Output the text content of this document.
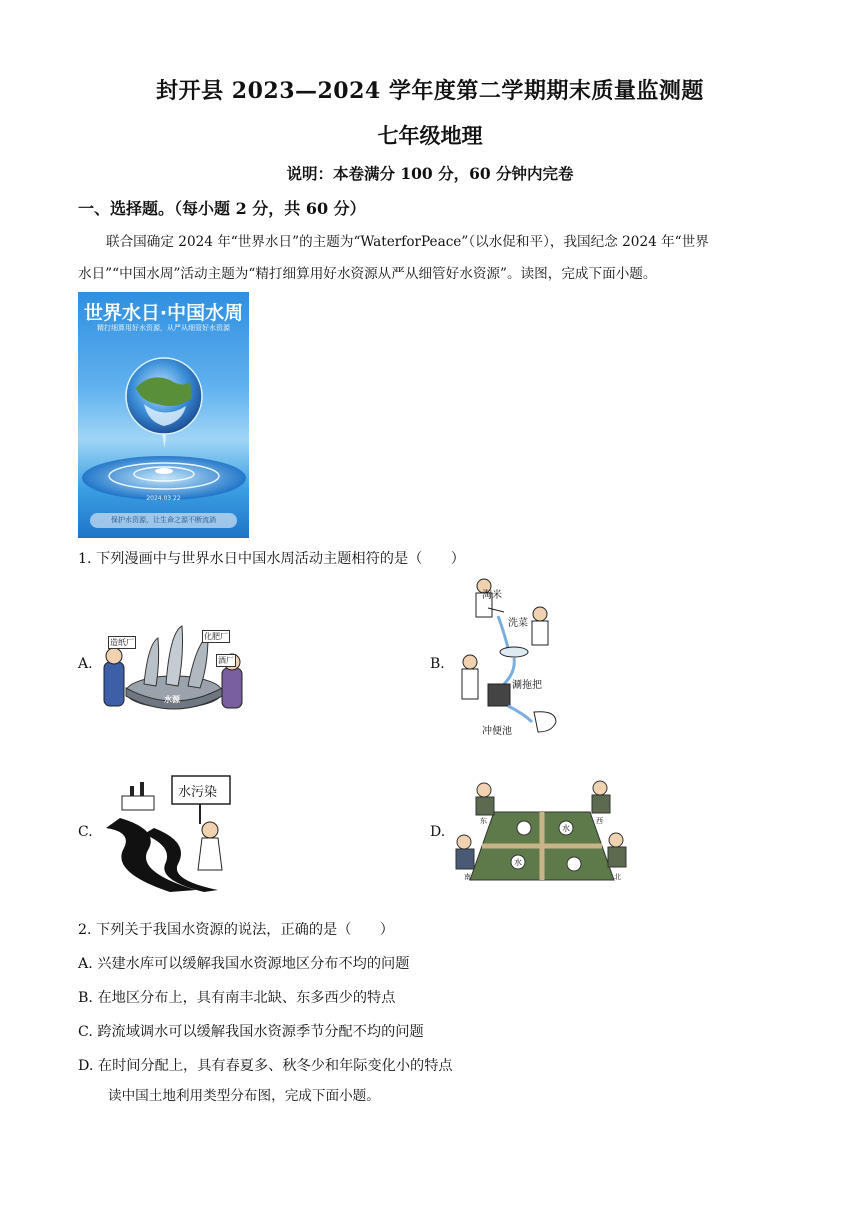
封开县 2023—2024 学年度第二学期期末质量监测题
七年级地理
说明：本卷满分 100 分，60 分钟内完卷
一、选择题。（每小题 2 分，共 60 分）
联合国确定 2024 年“世界水日”的主题为“WaterforPeace”（以水促和平），我国纪念 2024 年“世界
水日”“中国水周”活动主题为“精打细算用好水资源从严从细管好水资源”。读图，完成下面小题。
世界水日·中国水周
精打细算用好水资源，从严从细管好水资源
2024.03.22
保护水资源，让生命之源不断流淌
1. 下列漫画中与世界水日中国水周活动主题相符的是（　　）
A.
造纸厂
水源
化肥厂
酒厂	B.
淘米
洗菜
涮拖把
冲便池
C.
水污染
D.
东
水
西
南	北
水
2. 下列关于我国水资源的说法，正确的是（　　）
A. 兴建水库可以缓解我国水资源地区分布不均的问题
B. 在地区分布上，具有南丰北缺、东多西少的特点
C. 跨流域调水可以缓解我国水资源季节分配不均的问题
D. 在时间分配上，具有春夏多、秋冬少和年际变化小的特点
读中国土地利用类型分布图，完成下面小题。
